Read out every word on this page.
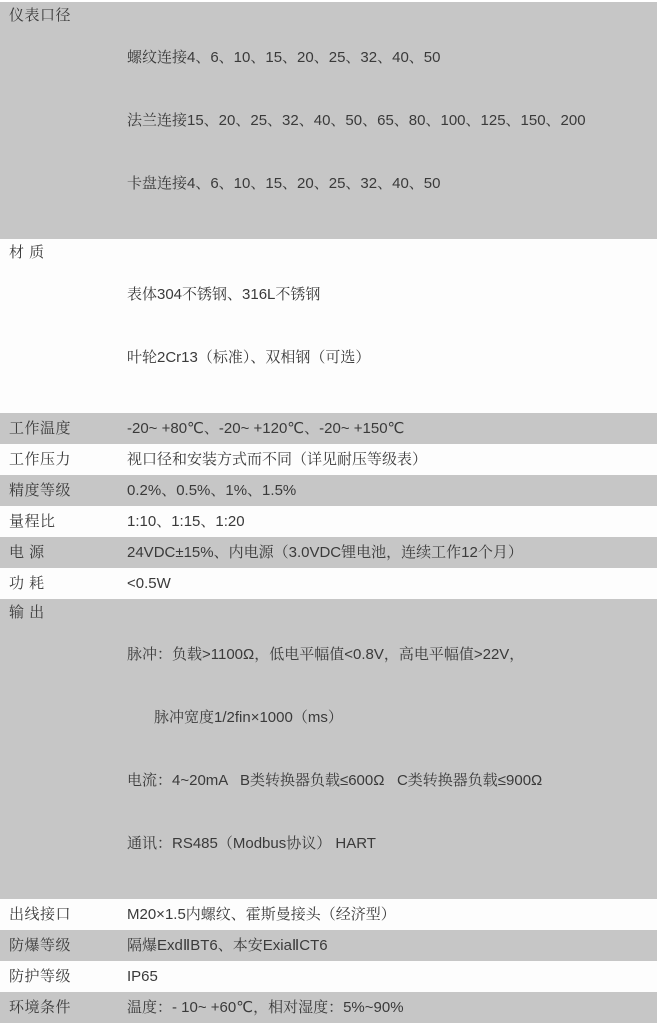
仪表口径

螺纹连接4、6、10、15、20、25、32、40、50

法兰连接15、20、25、32、40、50、65、80、100、125、150、200

卡盘连接4、6、10、15、20、25、32、40、50

材 质

表体304不锈钢、316L不锈钢

叶轮2Cr13（标准）、双相钢（可选）

工作温度	-20~ +80℃、-20~ +120℃、-20~ +150℃
工作压力	视口径和安装方式而不同（详见耐压等级表）
精度等级	0.2%、0.5%、1%、1.5%
量程比	1:10、1:15、1:20
电 源	24VDC±15%、内电源（3.0VDC锂电池，连续工作12个月）
功 耗	<0.5W
输 出

脉冲：负载>1100Ω，低电平幅值<0.8V，高电平幅值>22V，

脉冲宽度1/2fin×1000（ms）

电流：4~20mA   B类转换器负载≤600Ω   C类转换器负载≤900Ω

通讯：RS485（Modbus协议） HART

出线接口	M20×1.5内螺纹、霍斯曼接头（经济型）
防爆等级	隔爆ExdⅡBT6、本安ExiaⅡCT6
防护等级	IP65
环境条件	温度：- 10~ +60℃，相对湿度：5%~90%
